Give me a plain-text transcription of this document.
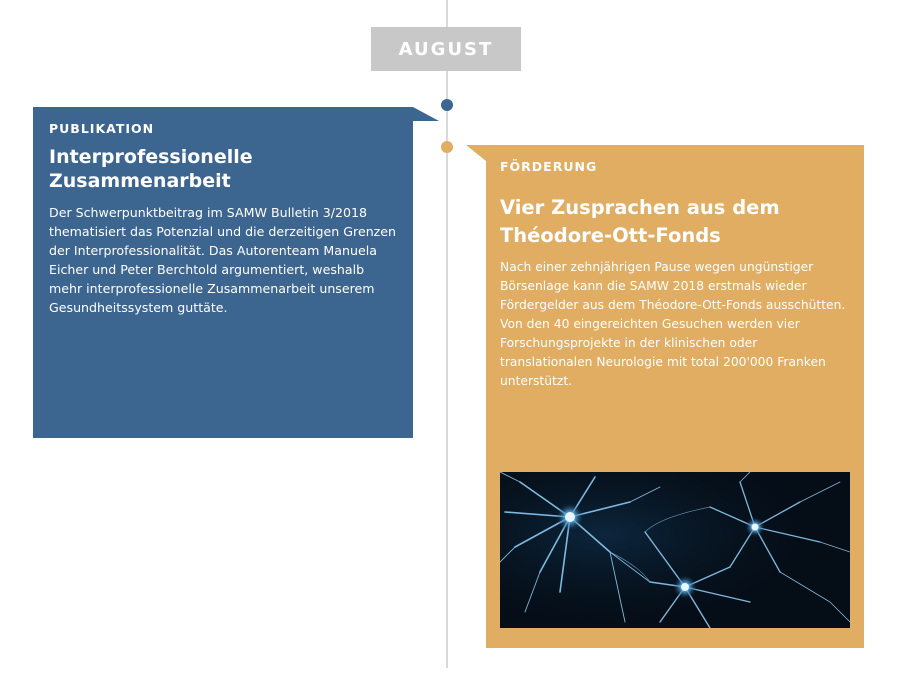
AUGUST

PUBLIKATION

Interprofessionelle Zusammenarbeit

Der Schwerpunktbeitrag im SAMW Bulletin 3/2018 thematisiert das Potenzial und die derzeitigen Grenzen der Interprofessionalität. Das Autorenteam Manuela Eicher und Peter Berchtold argumentiert, weshalb mehr interprofessionelle Zusammenarbeit unserem Gesundheitssystem guttäte.

FÖRDERUNG

Vier Zusprachen aus dem Théodore-Ott-Fonds

Nach einer zehnjährigen Pause wegen ungünstiger Börsenlage kann die SAMW 2018 erstmals wieder Fördergelder aus dem Théodore-Ott-Fonds ausschütten. Von den 40 eingereichten Gesuchen werden vier Forschungsprojekte in der klinischen oder translationalen Neurologie mit total 200'000 Franken unterstützt.
